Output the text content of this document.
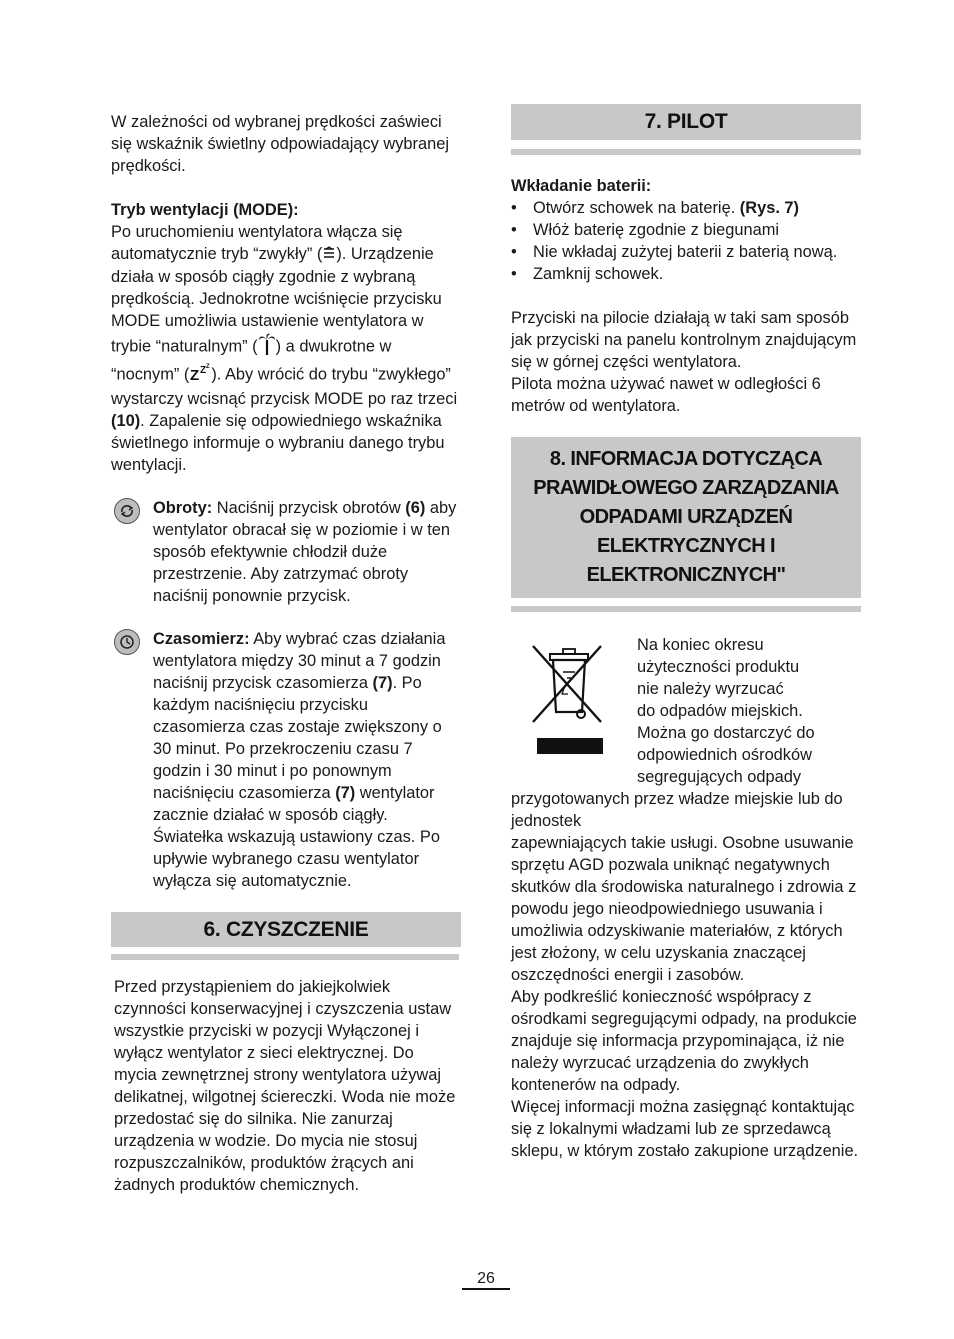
W zależności od wybranej prędkości zaświeci się wskaźnik świetlny odpowiadający wybranej prędkości.

Tryb wentylacji (MODE):

Po uruchomieniu wentylatora włącza się automatycznie tryb “zwykły” ( ). Urządzenie działa w sposób ciągły zgodnie z wybraną prędkością. Jednokrotne wciśnięcie przycisku MODE umożliwia ustawienie wentylatora w trybie “naturalnym” ( ) a dwukrotne w “nocnym” ( Z Z Z ). Aby wrócić do trybu “zwykłego” wystarczy wcisnąć przycisk MODE po raz trzeci (10). Zapalenie się odpowiedniego wskaźnika świetlnego informuje o wybraniu danego trybu wentylacji.

Obroty: Naciśnij przycisk obrotów (6) aby wentylator obracał się w poziomie i w ten sposób efektywnie chłodził duże przestrzenie. Aby zatrzymać obroty naciśnij ponownie przycisk.

Czasomierz: Aby wybrać czas działania wentylatora między 30 minut a 7 godzin naciśnij przycisk czasomierza (7). Po każdym naciśnięciu przycisku czasomierza czas zostaje zwiększony o 30 minut. Po przekroczeniu czasu 7 godzin i 30 minut i po ponownym naciśnięciu czasomierza (7) wentylator zacznie działać w sposób ciągły. Światełka wskazują ustawiony czas. Po upływie wybranego czasu wentylator wyłącza się automatycznie.

6. CZYSZCZENIE

Przed przystąpieniem do jakiejkolwiek czynności konserwacyjnej i czyszczenia ustaw wszystkie przyciski w pozycji Wyłączonej i wyłącz wentylator z sieci elektrycznej. Do mycia zewnętrznej strony wentylatora używaj delikatnej, wilgotnej ściereczki. Woda nie może przedostać się do silnika. Nie zanurzaj urządzenia w wodzie. Do mycia nie stosuj rozpuszczalników, produktów żrących ani żadnych produktów chemicznych.

7. PILOT

Wkładanie baterii:

• Otwórz schowek na baterię. (Rys. 7)
• Włóż baterię zgodnie z biegunami
• Nie wkładaj zużytej baterii z baterią nową.
• Zamknij schowek.

Przyciski na pilocie działają w taki sam sposób jak przyciski na panelu kontrolnym znajdującym się w górnej części wentylatora.

Pilota można używać nawet w odległości 6 metrów od wentylatora.

8. INFORMACJA DOTYCZĄCA
PRAWIDŁOWEGO ZARZĄDZANIA
ODPADAMI URZĄDZEŃ
ELEKTRYCZNYCH I ELEKTRONICZNYCH"
Na koniec okresu
użyteczności produktu
nie należy wyrzucać
do odpadów miejskich.
Można go dostarczyć do
odpowiednich ośrodków
segregujących odpady

przygotowanych przez władze miejskie lub do jednostek

zapewniających takie usługi. Osobne usuwanie sprzętu AGD pozwala uniknąć negatywnych skutków dla środowiska naturalnego i zdrowia z powodu jego nieodpowiedniego usuwania i umożliwia odzyskiwanie materiałów, z których jest złożony, w celu uzyskania znaczącej oszczędności energii i zasobów.

Aby podkreślić konieczność współpracy z ośrodkami segregującymi odpady, na produkcie znajduje się informacja przypominająca, iż nie należy wyrzucać urządzenia do zwykłych kontenerów na odpady.

Więcej informacji można zasięgnąć kontaktując się z lokalnymi władzami lub ze sprzedawcą sklepu, w którym zostało zakupione urządzenie.

26
